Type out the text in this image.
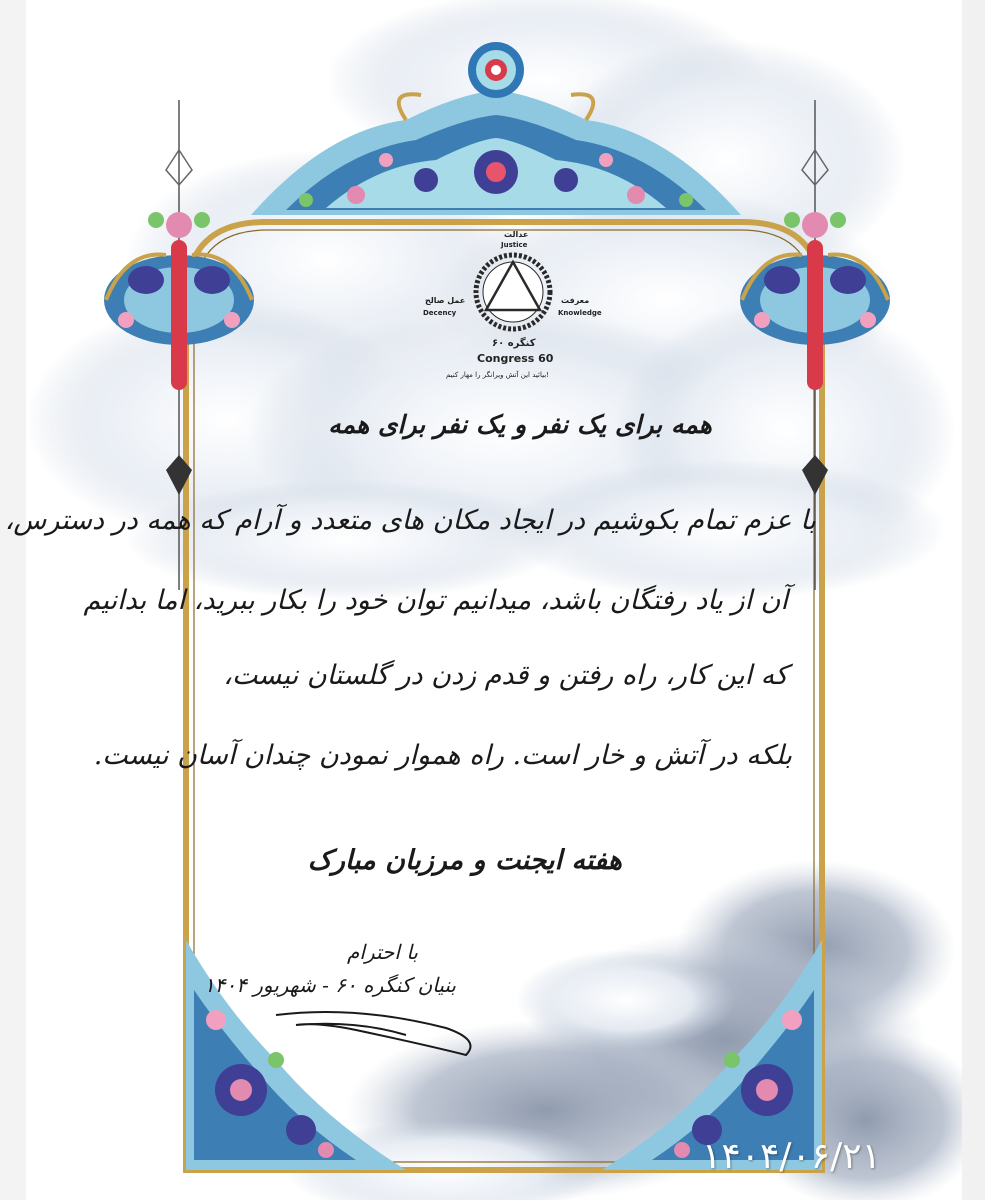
عدالت
Justice
عمل صالح
Decency
معرفت
Knowledge
کنگره ۶۰
Congress 60
بیائید این آتش ویرانگر را مهار کنیم!
همه برای یک نفر و یک نفر برای همه
با عزم تمام بکوشیم در ایجاد مکان های متعدد و آرام که همه در دسترس،
آن از یاد رفتگان باشد، میدانیم توان خود را بکار ببرید، اما بدانیم
که این کار، راه رفتن و قدم زدن در گلستان نیست،
بلکه در آتش و خار است. راه هموار نمودن چندان آسان نیست.
هفته ایجنت و مرزبان مبارک
با احترام
بنیان کنگره ۶۰ - شهریور ۱۴۰۴
۱۴۰۴/۰۶/۲۱
